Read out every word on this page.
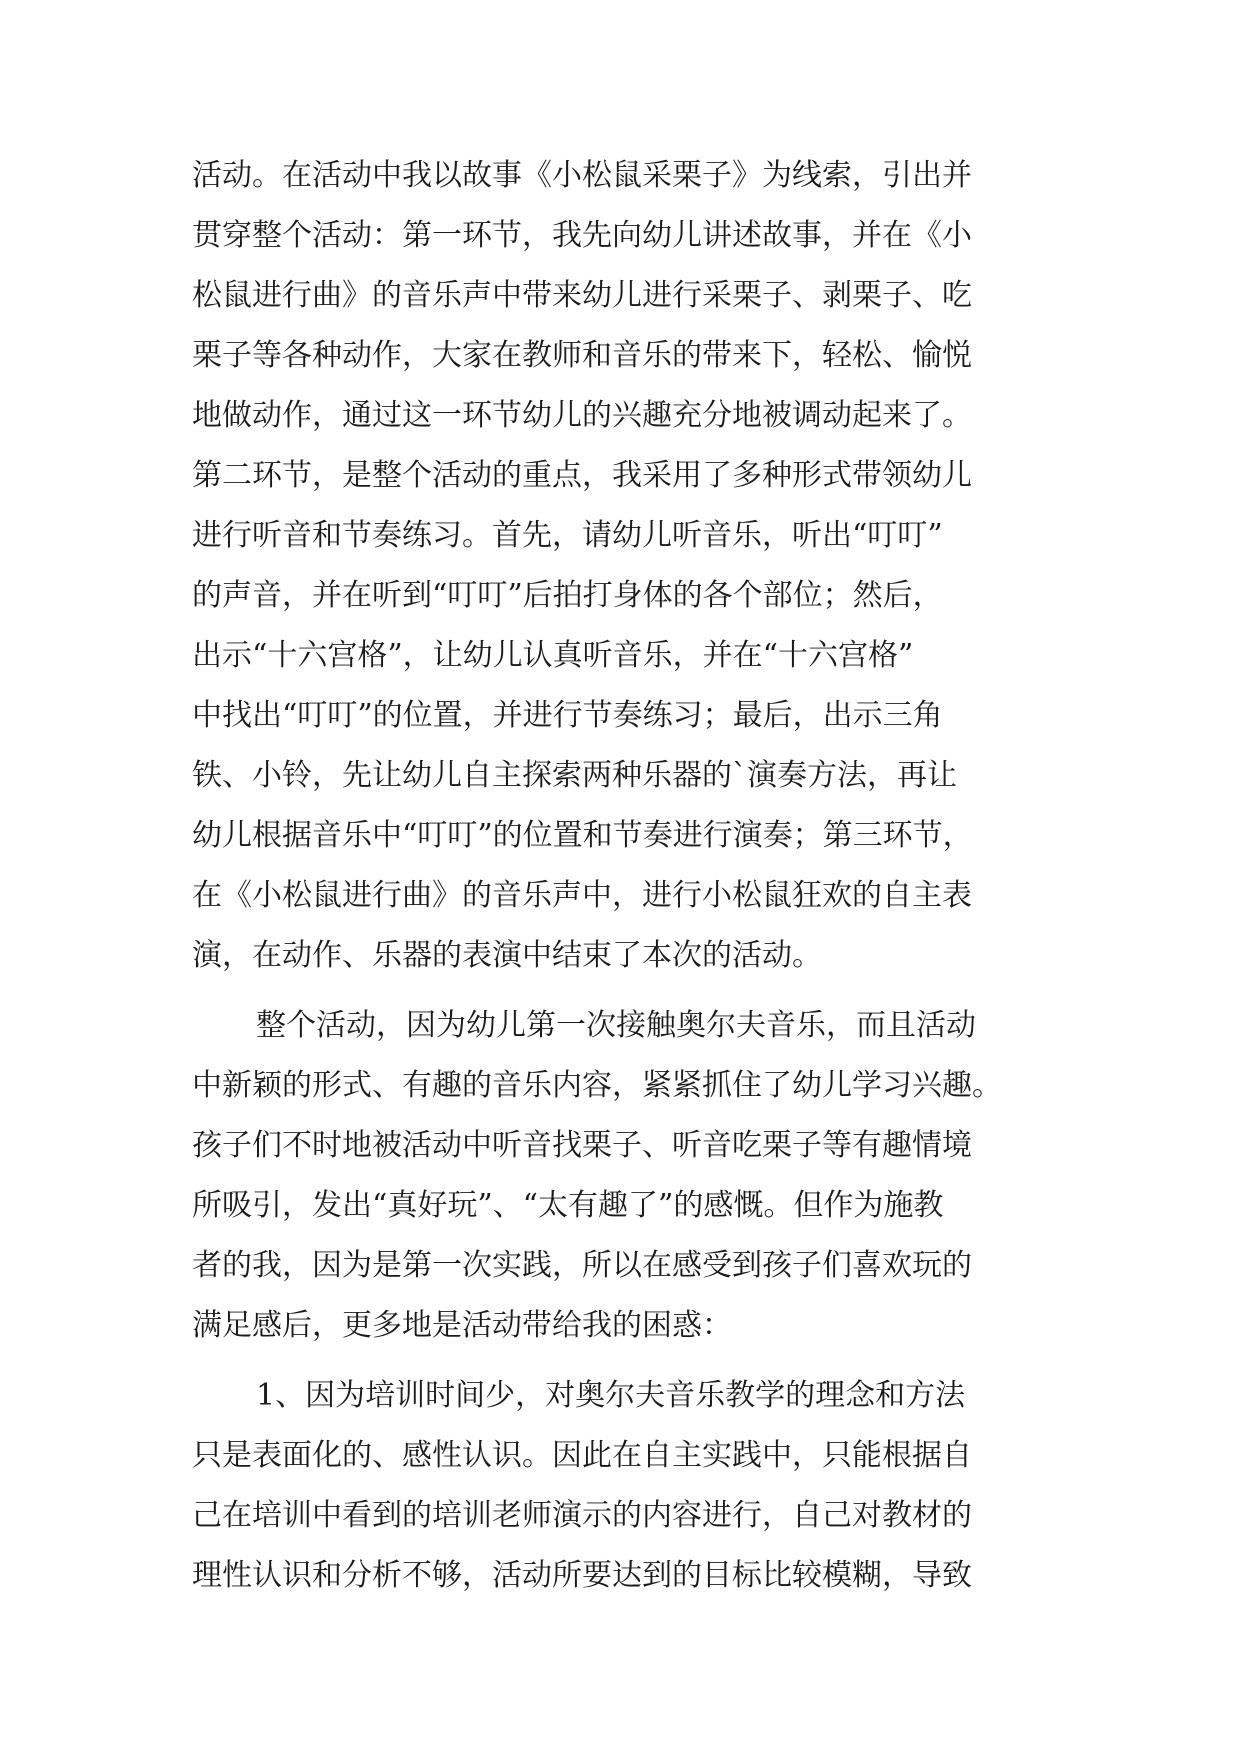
活动。在活动中我以故事《小松鼠采栗子》为线索，引出并
贯穿整个活动：第一环节，我先向幼儿讲述故事，并在《小
松鼠进行曲》的音乐声中带来幼儿进行采栗子、剥栗子、吃
栗子等各种动作，大家在教师和音乐的带来下，轻松、愉悦
地做动作，通过这一环节幼儿的兴趣充分地被调动起来了。
第二环节，是整个活动的重点，我采用了多种形式带领幼儿
进行听音和节奏练习。首先，请幼儿听音乐，听出“叮叮”
的声音，并在听到“叮叮”后拍打身体的各个部位；然后，
出示“十六宫格”，让幼儿认真听音乐，并在“十六宫格”
中找出“叮叮”的位置，并进行节奏练习；最后，出示三角
铁、小铃，先让幼儿自主探索两种乐器的`演奏方法，再让
幼儿根据音乐中“叮叮”的位置和节奏进行演奏；第三环节，
在《小松鼠进行曲》的音乐声中，进行小松鼠狂欢的自主表
演，在动作、乐器的表演中结束了本次的活动。
整个活动，因为幼儿第一次接触奥尔夫音乐，而且活动
中新颖的形式、有趣的音乐内容，紧紧抓住了幼儿学习兴趣。
孩子们不时地被活动中听音找栗子、听音吃栗子等有趣情境
所吸引，发出“真好玩”、“太有趣了”的感慨。但作为施教
者的我，因为是第一次实践，所以在感受到孩子们喜欢玩的
满足感后，更多地是活动带给我的困惑：
1、因为培训时间少，对奥尔夫音乐教学的理念和方法
只是表面化的、感性认识。因此在自主实践中，只能根据自
己在培训中看到的培训老师演示的内容进行，自己对教材的
理性认识和分析不够，活动所要达到的目标比较模糊，导致
